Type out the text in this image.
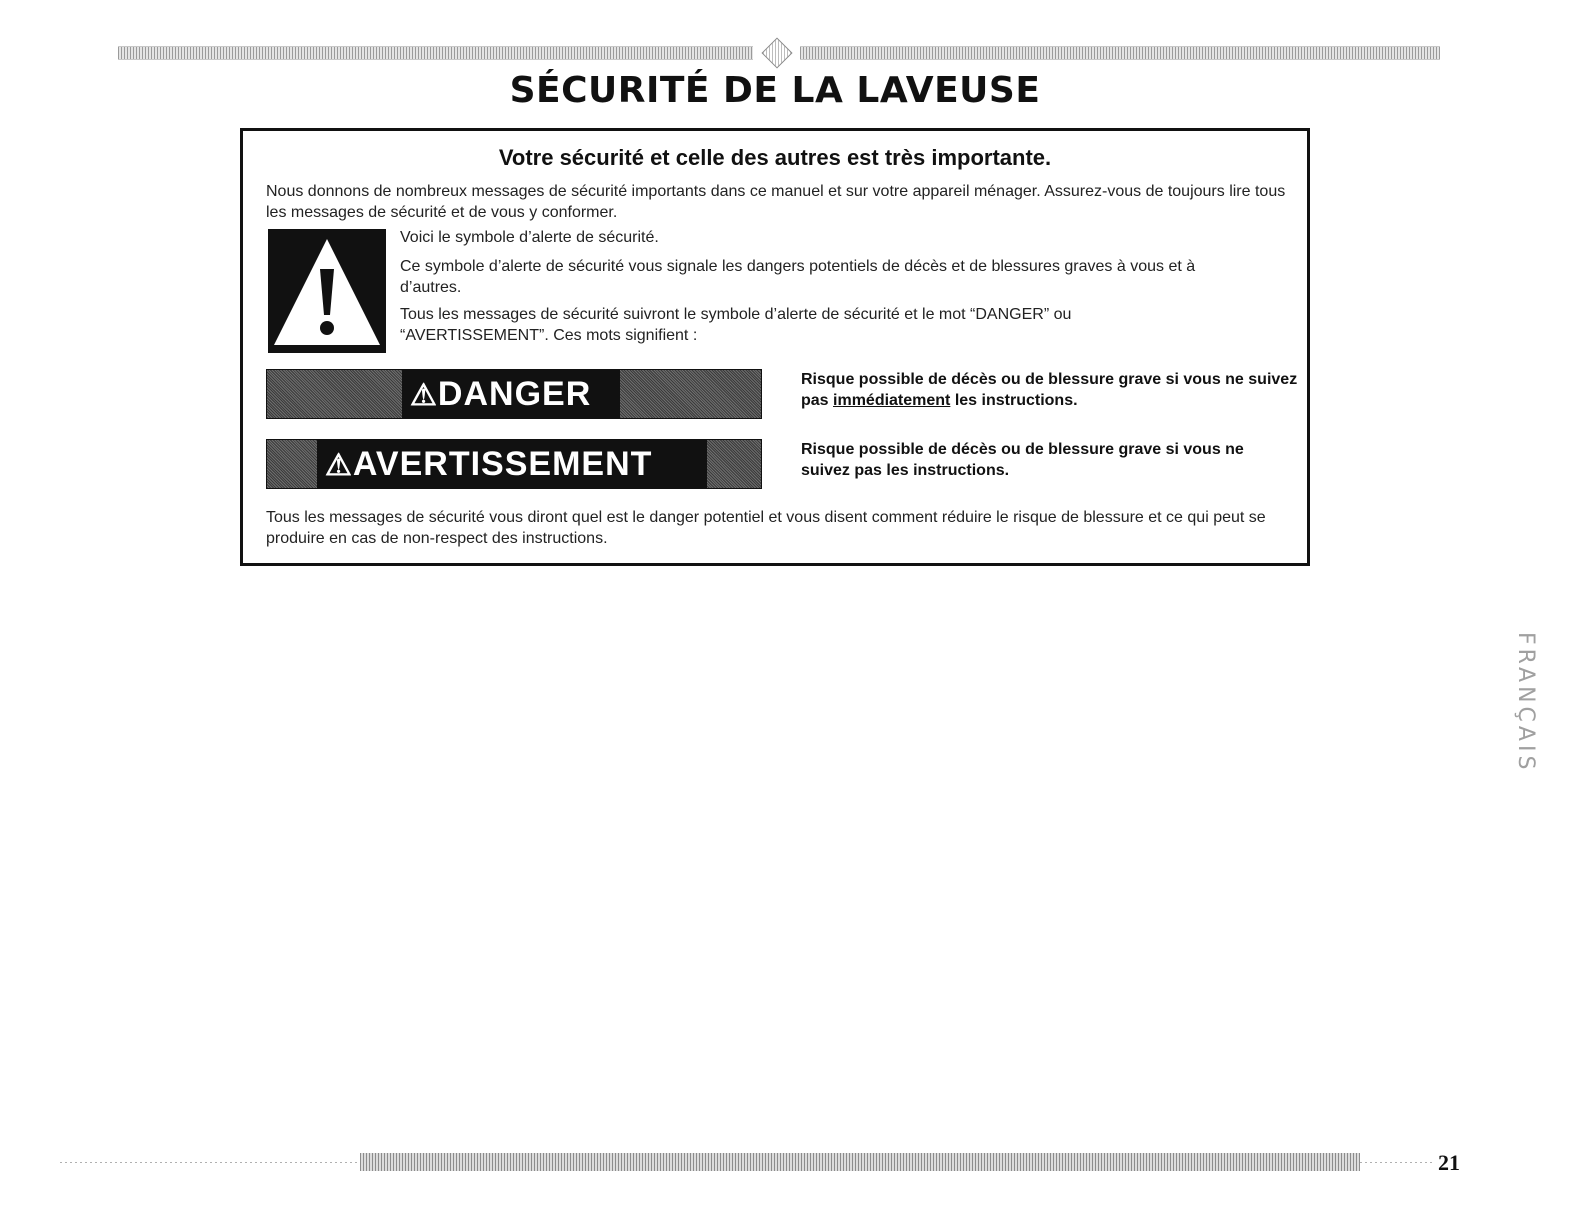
SÉCURITÉ DE LA LAVEUSE
Votre sécurité et celle des autres est très importante.
Nous donnons de nombreux messages de sécurité importants dans ce manuel et sur votre appareil ménager. Assurez-vous de toujours lire tous les messages de sécurité et de vous y conformer.
Voici le symbole d’alerte de sécurité.
Ce symbole d’alerte de sécurité vous signale les dangers potentiels de décès et de blessures graves à vous et à d’autres.
Tous les messages de sécurité suivront le symbole d’alerte de sécurité et le mot “DANGER” ou “AVERTISSEMENT”. Ces mots signifient :
⚠DANGER	Risque possible de décès ou de blessure grave si vous ne suivez pas immédiatement les instructions.
⚠AVERTISSEMENT	Risque possible de décès ou de blessure grave si vous ne suivez pas les instructions.
Tous les messages de sécurité vous diront quel est le danger potentiel et vous disent comment réduire le risque de blessure et ce qui peut se produire en cas de non-respect des instructions.
FRANÇAIS
21
